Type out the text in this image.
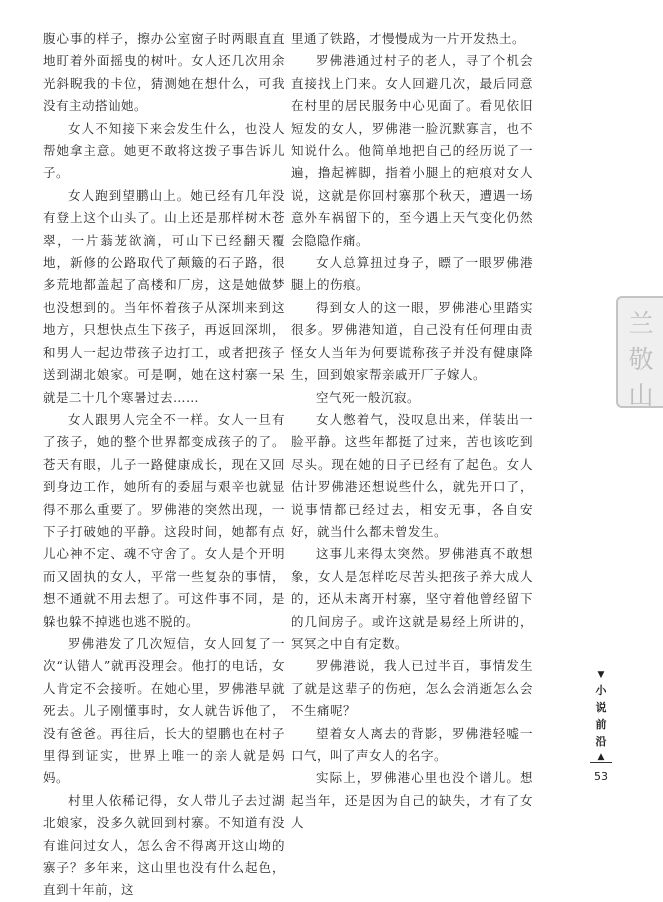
腹心事的样子，擦办公室窗子时两眼直直地盯着外面摇曳的树叶。女人还几次用余光斜睨我的卡位，猜测她在想什么，可我没有主动搭讪她。

女人不知接下来会发生什么，也没人帮她拿主意。她更不敢将这拨子事告诉儿子。

女人跑到望鹏山上。她已经有几年没有登上这个山头了。山上还是那样树木苍翠，一片蓊茏欲滴，可山下已经翻天覆地，新修的公路取代了颠簸的石子路，很多荒地都盖起了高楼和厂房，这是她做梦也没想到的。当年怀着孩子从深圳来到这地方，只想快点生下孩子，再返回深圳，和男人一起边带孩子边打工，或者把孩子送到湖北娘家。可是啊，她在这村寨一呆就是二十几个寒暑过去……

女人跟男人完全不一样。女人一旦有了孩子，她的整个世界都变成孩子的了。苍天有眼，儿子一路健康成长，现在又回到身边工作，她所有的委屈与艰辛也就显得不那么重要了。罗佛港的突然出现，一下子打破她的平静。这段时间，她都有点儿心神不定、魂不守舍了。女人是个开明而又固执的女人，平常一些复杂的事情，想不通就不用去想了。可这件事不同，是躲也躲不掉逃也逃不脱的。

罗佛港发了几次短信，女人回复了一次“认错人”就再没理会。他打的电话，女人肯定不会接听。在她心里，罗佛港早就死去。儿子刚懂事时，女人就告诉他了，没有爸爸。再往后，长大的望鹏也在村子里得到证实，世界上唯一的亲人就是妈妈。

村里人依稀记得，女人带儿子去过湖北娘家，没多久就回到村寨。不知道有没有谁问过女人，怎么舍不得离开这山坳的寨子？多年来，这山里也没有什么起色，直到十年前，这

里通了铁路，才慢慢成为一片开发热土。

罗佛港通过村子的老人，寻了个机会直接找上门来。女人回避几次，最后同意在村里的居民服务中心见面了。看见依旧短发的女人，罗佛港一脸沉默寡言，也不知说什么。他简单地把自己的经历说了一遍，撸起裤脚，指着小腿上的疤痕对女人说，这就是你回村寨那个秋天，遭遇一场意外车祸留下的，至今遇上天气变化仍然会隐隐作痛。

女人总算扭过身子，瞟了一眼罗佛港腿上的伤痕。

得到女人的这一眼，罗佛港心里踏实很多。罗佛港知道，自己没有任何理由责怪女人当年为何要谎称孩子并没有健康降生，回到娘家帮亲戚开厂子嫁人。

空气死一般沉寂。

女人憋着气，没叹息出来，佯装出一脸平静。这些年都挺了过来，苦也该吃到尽头。现在她的日子已经有了起色。女人估计罗佛港还想说些什么，就先开口了，说事情都已经过去，相安无事，各自安好，就当什么都未曾发生。

这事儿来得太突然。罗佛港真不敢想象，女人是怎样吃尽苦头把孩子养大成人的，还从未离开村寨，坚守着他曾经留下的几间房子。或许这就是易经上所讲的，冥冥之中自有定数。

罗佛港说，我人已过半百，事情发生了就是这辈子的伤疤，怎么会消逝怎么会不生痛呢？

望着女人离去的背影，罗佛港轻嘘一口气，叫了声女人的名字。

实际上，罗佛港心里也没个谱儿。想起当年，还是因为自己的缺失，才有了女人

兰
敬
山
▼
小
说
前
沿
▲
53
